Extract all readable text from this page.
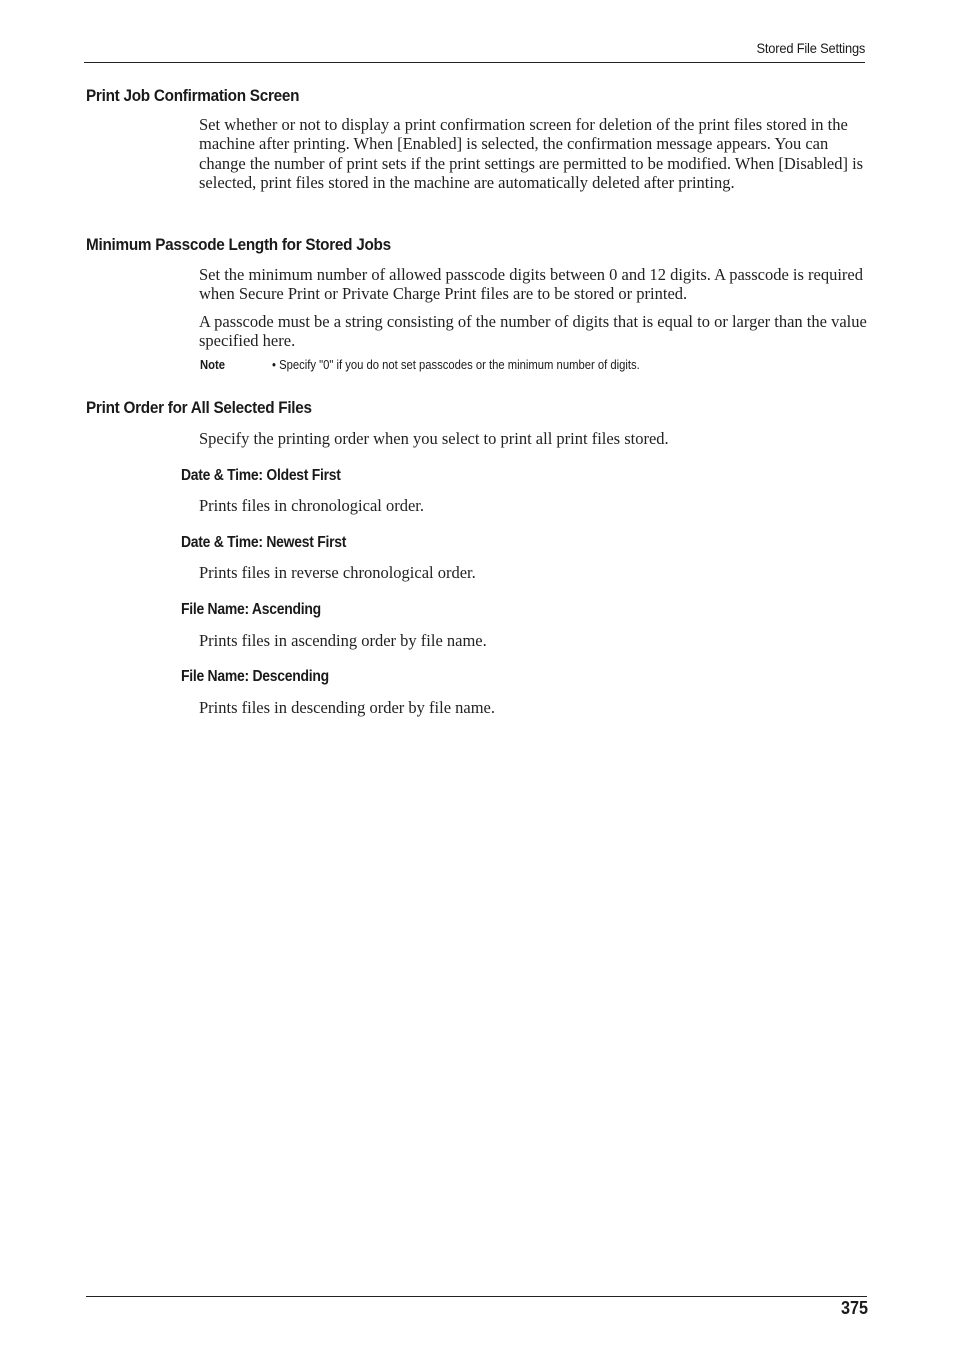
Stored File Settings
Print Job Confirmation Screen
Set whether or not to display a print confirmation screen for deletion of the print files stored in the machine after printing. When [Enabled] is selected, the confirmation message appears. You can change the number of print sets if the print settings are permitted to be modified. When [Disabled] is selected, print files stored in the machine are automatically deleted after printing.
Minimum Passcode Length for Stored Jobs
Set the minimum number of allowed passcode digits between 0 and 12 digits. A passcode is required when Secure Print or Private Charge Print files are to be stored or printed.
A passcode must be a string consisting of the number of digits that is equal to or larger than the value specified here.
Note	• Specify "0" if you do not set passcodes or the minimum number of digits.
Print Order for All Selected Files
Specify the printing order when you select to print all print files stored.
Date & Time: Oldest First
Prints files in chronological order.
Date & Time: Newest First
Prints files in reverse chronological order.
File Name: Ascending
Prints files in ascending order by file name.
File Name: Descending
Prints files in descending order by file name.
375
